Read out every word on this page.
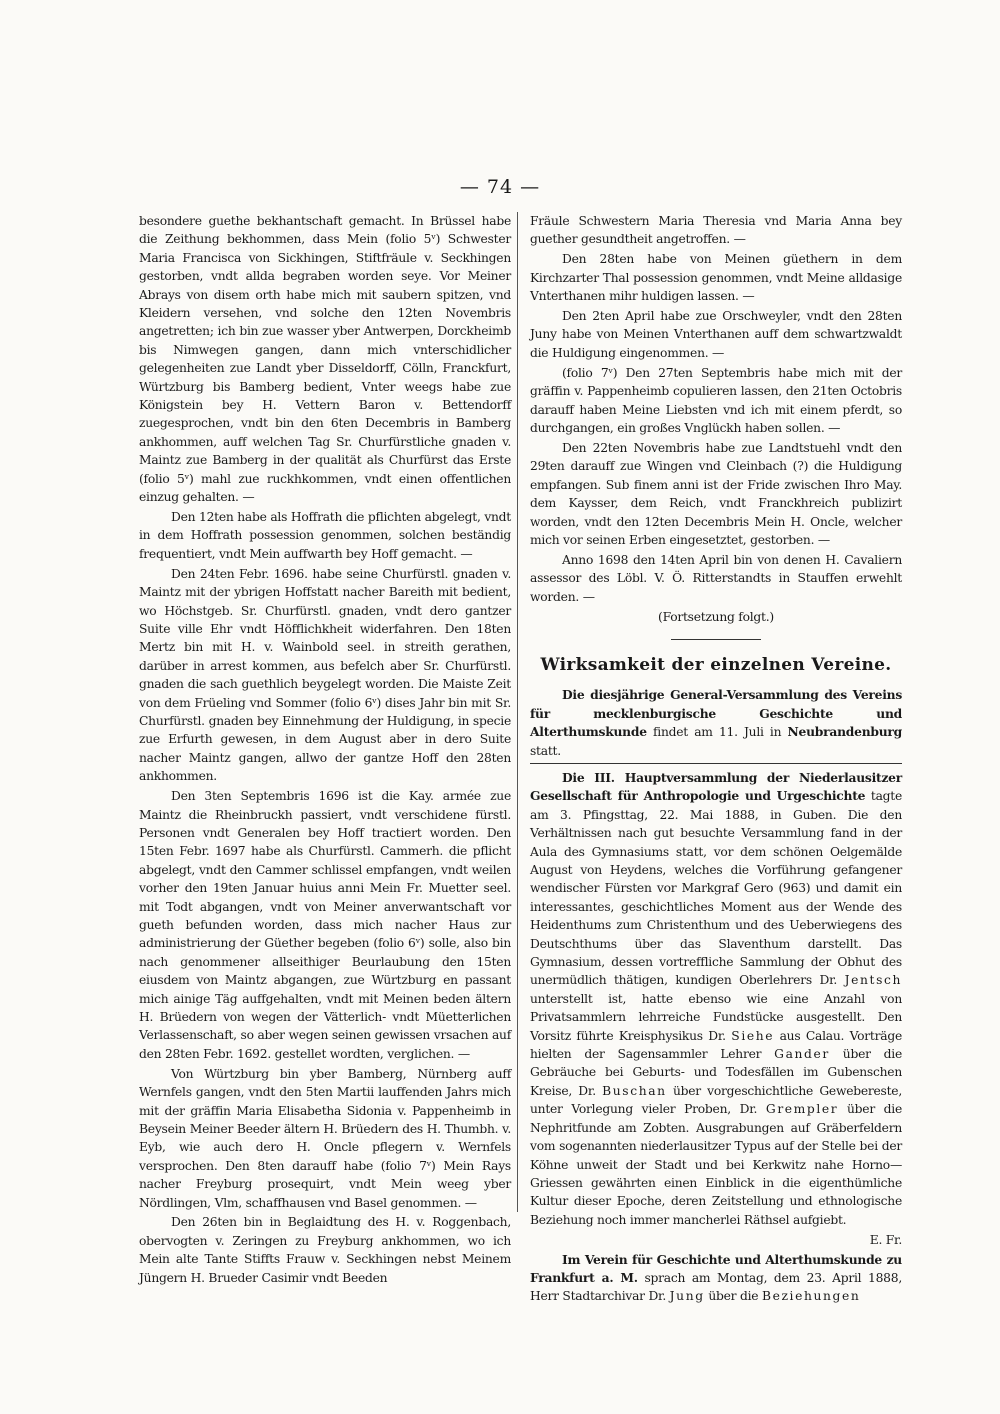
— 74 —

besondere guethe bekhantschaft gemacht. In Brüssel habe die Zeithung bekhommen, dass Mein (folio 5ᵛ) Schwester Maria Francisca von Sickhingen, Stiftfräule v. Seckhingen gestorben, vndt allda begraben worden seye. Vor Meiner Abrays von disem orth habe mich mit saubern spitzen, vnd Kleidern versehen, vnd solche den 12ten Novembris angetretten; ich bin zue wasser yber Antwerpen, Dorckheimb bis Nimwegen gangen, dann mich vnterschidlicher gelegenheiten zue Landt yber Disseldorff, Cölln, Franckfurt, Würtzburg bis Bamberg bedient, Vnter weegs habe zue Königstein bey H. Vettern Baron v. Bettendorff zuegesprochen, vndt bin den 6ten Decembris in Bamberg ankhommen, auff welchen Tag Sr. Churfürstliche gnaden v. Maintz zue Bamberg in der qualität als Churfürst das Erste (folio 5ᵛ) mahl zue ruckhkommen, vndt einen offentlichen einzug gehalten. —

Den 12ten habe als Hoffrath die pflichten abgelegt, vndt in dem Hoffrath possession genommen, solchen beständig frequentiert, vndt Mein auffwarth bey Hoff gemacht. —

Den 24ten Febr. 1696. habe seine Churfürstl. gnaden v. Maintz mit der ybrigen Hoffstatt nacher Bareith mit bedient, wo Höchstgeb. Sr. Churfürstl. gnaden, vndt dero gantzer Suite ville Ehr vndt Höfflichkheit widerfahren. Den 18ten Mertz bin mit H. v. Wainbold seel. in streith gerathen, darüber in arrest kommen, aus befelch aber Sr. Churfürstl. gnaden die sach guethlich beygelegt worden. Die Maiste Zeit von dem Früeling vnd Sommer (folio 6ᵛ) dises Jahr bin mit Sr. Churfürstl. gnaden bey Einnehmung der Huldigung, in specie zue Erfurth gewesen, in dem August aber in dero Suite nacher Maintz gangen, allwo der gantze Hoff den 28ten ankhommen.

Den 3ten Septembris 1696 ist die Kay. armée zue Maintz die Rheinbruckh passiert, vndt verschidene fürstl. Personen vndt Generalen bey Hoff tractiert worden. Den 15ten Febr. 1697 habe als Churfürstl. Cammerh. die pflicht abgelegt, vndt den Cammer schlissel empfangen, vndt weilen vorher den 19ten Januar huius anni Mein Fr. Muetter seel. mit Todt abgangen, vndt von Meiner anverwantschaft vor gueth befunden worden, dass mich nacher Haus zur administrierung der Güether begeben (folio 6ᵛ) solle, also bin nach genommener allseithiger Beurlaubung den 15ten eiusdem von Maintz abgangen, zue Würtzburg en passant mich ainige Täg auffgehalten, vndt mit Meinen beden ältern H. Brüedern von wegen der Vätterlich- vndt Müetterlichen Verlassenschaft, so aber wegen seinen gewissen vrsachen auf den 28ten Febr. 1692. gestellet wordten, verglichen. —

Von Würtzburg bin yber Bamberg, Nürnberg auff Wernfels gangen, vndt den 5ten Martii lauffenden Jahrs mich mit der gräffin Maria Elisabetha Sidonia v. Pappenheimb in Beysein Meiner Beeder ältern H. Brüedern des H. Thumbh. v. Eyb, wie auch dero H. Oncle pflegern v. Wernfels versprochen. Den 8ten darauff habe (folio 7ᵛ) Mein Rays nacher Freyburg prosequirt, vndt Mein weeg yber Nördlingen, Vlm, schaffhausen vnd Basel genommen. —

Den 26ten bin in Beglaidtung des H. v. Roggenbach, obervogten v. Zeringen zu Freyburg ankhommen, wo ich Mein alte Tante Stiffts Frauw v. Seckhingen nebst Meinem Jüngern H. Brueder Casimir vndt Beeden

Fräule Schwestern Maria Theresia vnd Maria Anna bey guether gesundtheit angetroffen. —

Den 28ten habe von Meinen güethern in dem Kirchzarter Thal possession genommen, vndt Meine alldasige Vnterthanen mihr huldigen lassen. —

Den 2ten April habe zue Orschweyler, vndt den 28ten Juny habe von Meinen Vnterthanen auff dem schwartzwaldt die Huldigung eingenommen. —

(folio 7ᵛ) Den 27ten Septembris habe mich mit der gräffin v. Pappenheimb copulieren lassen, den 21ten Octobris darauff haben Meine Liebsten vnd ich mit einem pferdt, so durchgangen, ein großes Vnglückh haben sollen. —

Den 22ten Novembris habe zue Landtstuehl vndt den 29ten darauff zue Wingen vnd Cleinbach (?) die Huldigung empfangen. Sub finem anni ist der Fride zwischen Ihro May. dem Kaysser, dem Reich, vndt Franckhreich publizirt worden, vndt den 12ten Decembris Mein H. Oncle, welcher mich vor seinen Erben eingesetztet, gestorben. —

Anno 1698 den 14ten April bin von denen H. Cavaliern assessor des Löbl. V. Ö. Ritterstandts in Stauffen erwehlt worden. —

(Fortsetzung folgt.)

Wirksamkeit der einzelnen Vereine.

Die diesjährige General-Versammlung des Vereins für mecklenburgische Geschichte und Alterthumskunde findet am 11. Juli in Neubrandenburg statt.

Die III. Hauptversammlung der Niederlausitzer Gesellschaft für Anthropologie und Urgeschichte tagte am 3. Pfingsttag, 22. Mai 1888, in Guben. Die den Verhältnissen nach gut besuchte Versammlung fand in der Aula des Gymnasiums statt, vor dem schönen Oelgemälde August von Heydens, welches die Vorführung gefangener wendischer Fürsten vor Markgraf Gero (963) und damit ein interessantes, geschichtliches Moment aus der Wende des Heidenthums zum Christenthum und des Ueberwiegens des Deutschthums über das Slaventhum darstellt. Das Gymnasium, dessen vortreffliche Sammlung der Obhut des unermüdlich thätigen, kundigen Oberlehrers Dr. Jentsch unterstellt ist, hatte ebenso wie eine Anzahl von Privatsammlern lehrreiche Fundstücke ausgestellt. Den Vorsitz führte Kreisphysikus Dr. Siehe aus Calau. Vorträge hielten der Sagensammler Lehrer Gander über die Gebräuche bei Geburts- und Todesfällen im Gubenschen Kreise, Dr. Buschan über vorgeschichtliche Gewebereste, unter Vorlegung vieler Proben, Dr. Grempler über die Nephritfunde am Zobten. Ausgrabungen auf Gräberfeldern vom sogenannten niederlausitzer Typus auf der Stelle bei der Köhne unweit der Stadt und bei Kerkwitz nahe Horno—Griessen gewährten einen Einblick in die eigenthümliche Kultur dieser Epoche, deren Zeitstellung und ethnologische Beziehung noch immer mancherlei Räthsel aufgiebt.

E. Fr.

Im Verein für Geschichte und Alterthumskunde zu Frankfurt a. M. sprach am Montag, dem 23. April 1888, Herr Stadtarchivar Dr. Jung über die Beziehungen
